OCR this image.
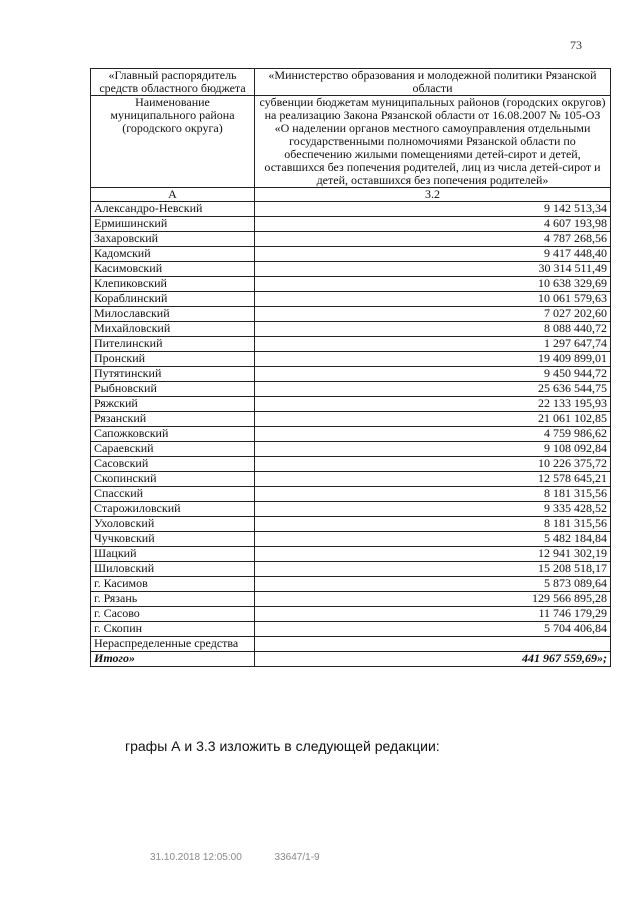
73
«Главный распорядитель средств областного бюджета	«Министерство образования и молодежной политики Рязанской области
Наименование муниципального района (городского округа)	субвенции бюджетам муниципальных районов (городских округов) на реализацию Закона Рязанской области от 16.08.2007 № 105-ОЗ «О наделении органов местного самоуправления отдельными государственными полномочиями Рязанской области по обеспечению жилыми помещениями детей-сирот и детей, оставшихся без попечения родителей, лиц из числа детей-сирот и детей, оставшихся без попечения родителей»
А	3.2
Александро-Невский	9 142 513,34
Ермишинский	4 607 193,98
Захаровский	4 787 268,56
Кадомский	9 417 448,40
Касимовский	30 314 511,49
Клепиковский	10 638 329,69
Кораблинский	10 061 579,63
Милославский	7 027 202,60
Михайловский	8 088 440,72
Пителинский	1 297 647,74
Пронский	19 409 899,01
Путятинский	9 450 944,72
Рыбновский	25 636 544,75
Ряжский	22 133 195,93
Рязанский	21 061 102,85
Сапожковский	4 759 986,62
Сараевский	9 108 092,84
Сасовский	10 226 375,72
Скопинский	12 578 645,21
Спасский	8 181 315,56
Старожиловский	9 335 428,52
Ухоловский	8 181 315,56
Чучковский	5 482 184,84
Шацкий	12 941 302,19
Шиловский	15 208 518,17
г. Касимов	5 873 089,64
г. Рязань	129 566 895,28
г. Сасово	11 746 179,29
г. Скопин	5 704 406,84
Нераспределенные средства	
Итого»	441 967 559,69»;
графы А и 3.3 изложить в следующей редакции:
31.10.2018 12:05:00	33647/1-9
